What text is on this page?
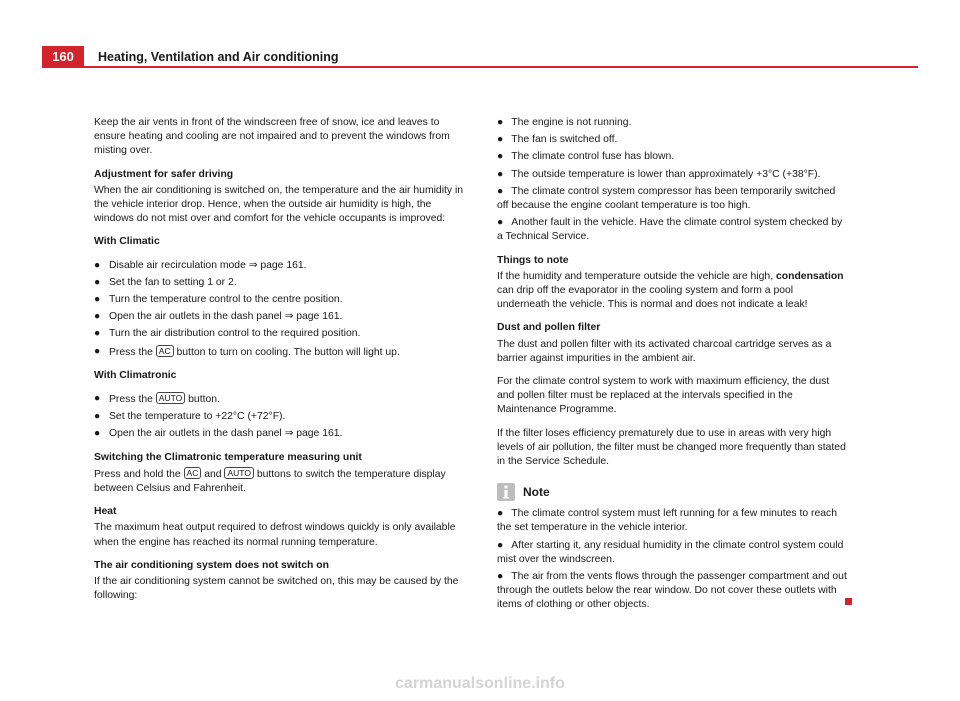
160	Heating, Ventilation and Air conditioning

Keep the air vents in front of the windscreen free of snow, ice and leaves to ensure heating and cooling are not impaired and to prevent the windows from misting over.

Adjustment for safer driving

When the air conditioning is switched on, the temperature and the air humidity in the vehicle interior drop. Hence, when the outside air humidity is high, the windows do not mist over and comfort for the vehicle occupants is improved:

With Climatic

● Disable air recirculation mode ⇒ page 161.
● Set the fan to setting 1 or 2.
● Turn the temperature control to the centre position.
● Open the air outlets in the dash panel ⇒ page 161.
● Turn the air distribution control to the required position.
● Press the AC button to turn on cooling. The button will light up.

With Climatronic

● Press the AUTO button.
● Set the temperature to +22°C (+72°F).
● Open the air outlets in the dash panel ⇒ page 161.

Switching the Climatronic temperature measuring unit

Press and hold the AC and AUTO buttons to switch the temperature display between Celsius and Fahrenheit.

Heat

The maximum heat output required to defrost windows quickly is only available when the engine has reached its normal running temperature.

The air conditioning system does not switch on

If the air conditioning system cannot be switched on, this may be caused by the following:

● The engine is not running.
● The fan is switched off.
● The climate control fuse has blown.
● The outside temperature is lower than approximately +3°C (+38°F).
● The climate control system compressor has been temporarily switched off because the engine coolant temperature is too high.
● Another fault in the vehicle. Have the climate control system checked by a Technical Service.

Things to note

If the humidity and temperature outside the vehicle are high, condensation can drip off the evaporator in the cooling system and form a pool underneath the vehicle. This is normal and does not indicate a leak!

Dust and pollen filter

The dust and pollen filter with its activated charcoal cartridge serves as a barrier against impurities in the ambient air.

For the climate control system to work with maximum efficiency, the dust and pollen filter must be replaced at the intervals specified in the Maintenance Programme.

If the filter loses efficiency prematurely due to use in areas with very high levels of air pollution, the filter must be changed more frequently than stated in the Service Schedule.

Note
● The climate control system must left running for a few minutes to reach the set temperature in the vehicle interior.
● After starting it, any residual humidity in the climate control system could mist over the windscreen.
● The air from the vents flows through the passenger compartment and out through the outlets below the rear window. Do not cover these outlets with items of clothing or other objects.
carmanualsonline.info
